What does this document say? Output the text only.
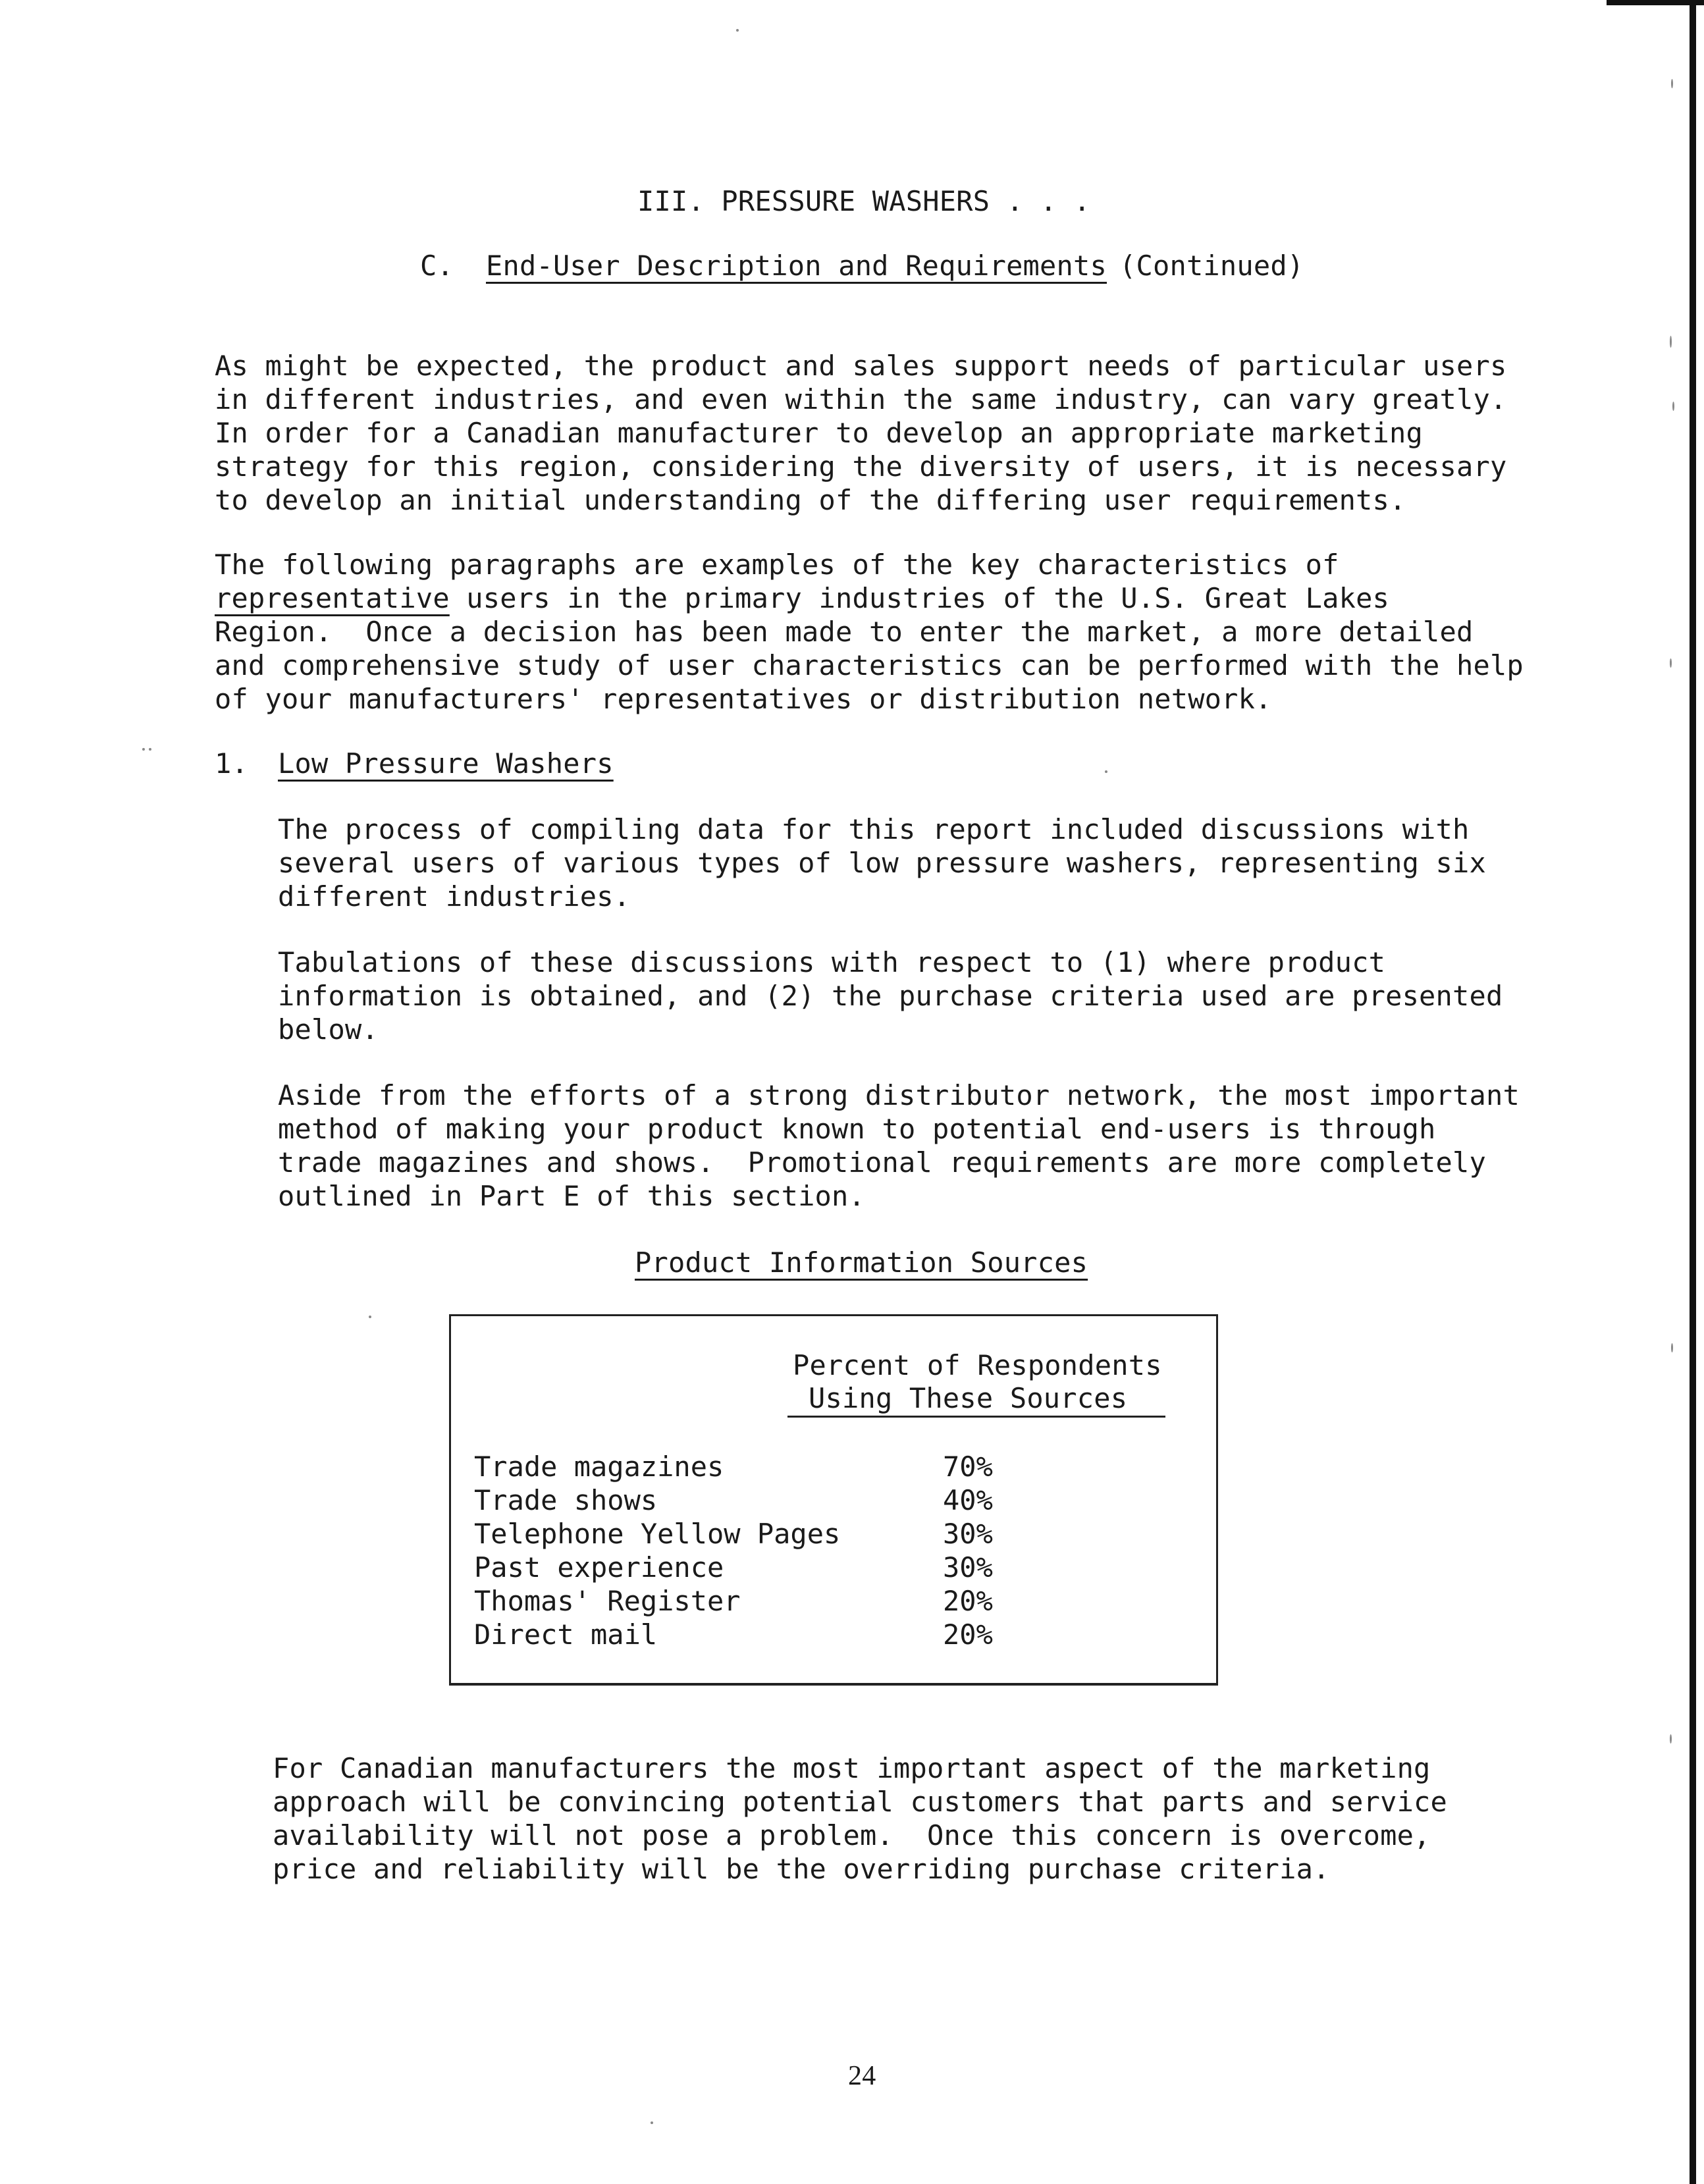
III. PRESSURE WASHERS . . .
C. End-User Description and Requirements (Continued)
As might be expected, the product and sales support needs of particular users
in different industries, and even within the same industry, can vary greatly.
In order for a Canadian manufacturer to develop an appropriate marketing
strategy for this region, considering the diversity of users, it is necessary
to develop an initial understanding of the differing user requirements.
The following paragraphs are examples of the key characteristics of
representative users in the primary industries of the U.S. Great Lakes
Region.  Once a decision has been made to enter the market, a more detailed
and comprehensive study of user characteristics can be performed with the help
of your manufacturers' representatives or distribution network.
1. Low Pressure Washers
The process of compiling data for this report included discussions with
several users of various types of low pressure washers, representing six
different industries.
Tabulations of these discussions with respect to (1) where product
information is obtained, and (2) the purchase criteria used are presented
below.
Aside from the efforts of a strong distributor network, the most important
method of making your product known to potential end-users is through
trade magazines and shows.  Promotional requirements are more completely
outlined in Part E of this section.
Product Information Sources
Percent of Respondents
Using These Sources
Trade magazines	70%
Trade shows	40%
Telephone Yellow Pages	30%
Past experience	30%
Thomas' Register	20%
Direct mail	20%
For Canadian manufacturers the most important aspect of the marketing
approach will be convincing potential customers that parts and service
availability will not pose a problem.  Once this concern is overcome,
price and reliability will be the overriding purchase criteria.
24
